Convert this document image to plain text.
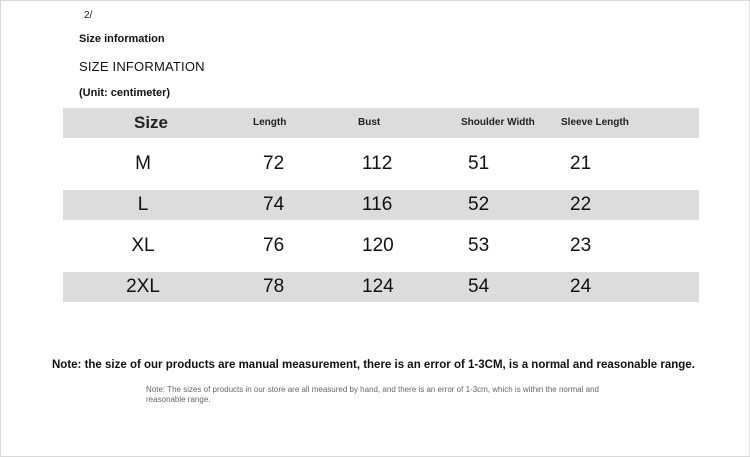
2/
Size information
SIZE INFORMATION
(Unit: centimeter)
Size	Length	Bust	Shoulder Width	Sleeve Length
M	72	112	51	21
L	74	116	52	22
XL	76	120	53	23
2XL	78	124	54	24
Note: the size of our products are manual measurement, there is an error of 1-3CM, is a normal and reasonable range.
Note: The sizes of products in our store are all measured by hand, and there is an error of 1-3cm, which is within the normal and reasonable range.
